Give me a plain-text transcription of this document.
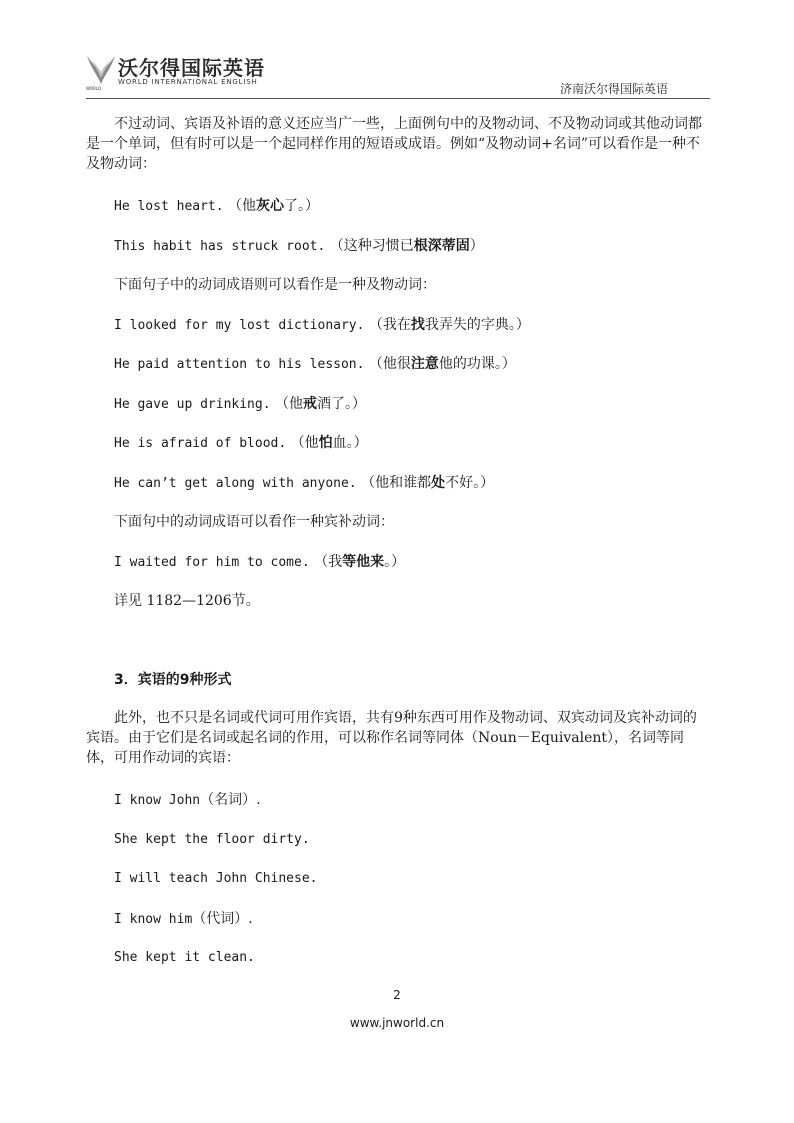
沃尔得国际英语
WORLD INTERNATIONAL ENGLISH
WORLD	济南沃尔得国际英语

不过动词、宾语及补语的意义还应当广一些，上面例句中的及物动词、不及物动词或其他动词都是一个单词，但有时可以是一个起同样作用的短语或成语。例如“及物动词+名词”可以看作是一种不及物动词：

He lost heart. （他灰心了。）

This habit has struck root. （这种习惯已根深蒂固）

下面句子中的动词成语则可以看作是一种及物动词：

I looked for my lost dictionary. （我在找我弄失的字典。）

He paid attention to his lesson. （他很注意他的功课。）

He gave up drinking. （他戒酒了。）

He is afraid of blood. （他怕血。）

He can’t get along with anyone. （他和谁都处不好。）

下面句中的动词成语可以看作一种宾补动词：

I waited for him to come. （我等他来。）

详见 1182—1206节。

3．宾语的9种形式

此外，也不只是名词或代词可用作宾语，共有9种东西可用作及物动词、双宾动词及宾补动词的宾语。由于它们是名词或起名词的作用，可以称作名词等同体（Noun－Equivalent），名词等同体，可用作动词的宾语：

I know John（名词）.

She kept the floor dirty.

I will teach John Chinese.

I know him（代词）.

She kept it clean.

2
www.jnworld.cn
